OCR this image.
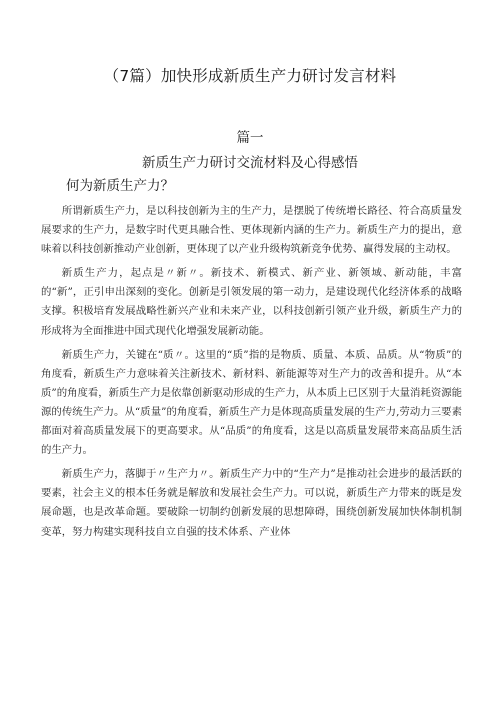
（7篇）加快形成新质生产力研讨发言材料
篇一
新质生产力研讨交流材料及心得感悟
何为新质生产力？

所谓新质生产力，是以科技创新为主的生产力，是摆脱了传统增长路径、符合高质量发展要求的生产力，是数字时代更具融合性、更体现新内涵的生产力。新质生产力的提出，意味着以科技创新推动产业创新，更体现了以产业升级构筑新竞争优势、赢得发展的主动权。

新质生产力，起点是〃新〃。新技术、新模式、新产业、新领域、新动能，丰富的“新”，正引申出深刻的变化。创新是引领发展的第一动力，是建设现代化经济体系的战略支撑。积极培育发展战略性新兴产业和未来产业，以科技创新引领产业升级，新质生产力的形成将为全面推进中国式现代化增强发展新动能。

新质生产力，关键在“质〃。这里的“质”指的是物质、质量、本质、品质。从“物质”的角度看，新质生产力意味着关注新技术、新材料、新能源等对生产力的改善和提升。从“本质”的角度看，新质生产力是依靠创新驱动形成的生产力，从本质上已区别于大量消耗资源能源的传统生产力。从“质量”的角度看，新质生产力是体现高质量发展的生产力,劳动力三要素都面对着高质量发展下的更高要求。从“品质”的角度看，这是以高质量发展带来高品质生活的生产力。

新质生产力，落脚于〃生产力〃。新质生产力中的“生产力”是推动社会进步的最活跃的要素，社会主义的根本任务就是解放和发展社会生产力。可以说，新质生产力带来的既是发展命题，也是改革命题。要破除一切制约创新发展的思想障碍，围绕创新发展加快体制机制变革，努力构建实现科技自立自强的技术体系、产业体
